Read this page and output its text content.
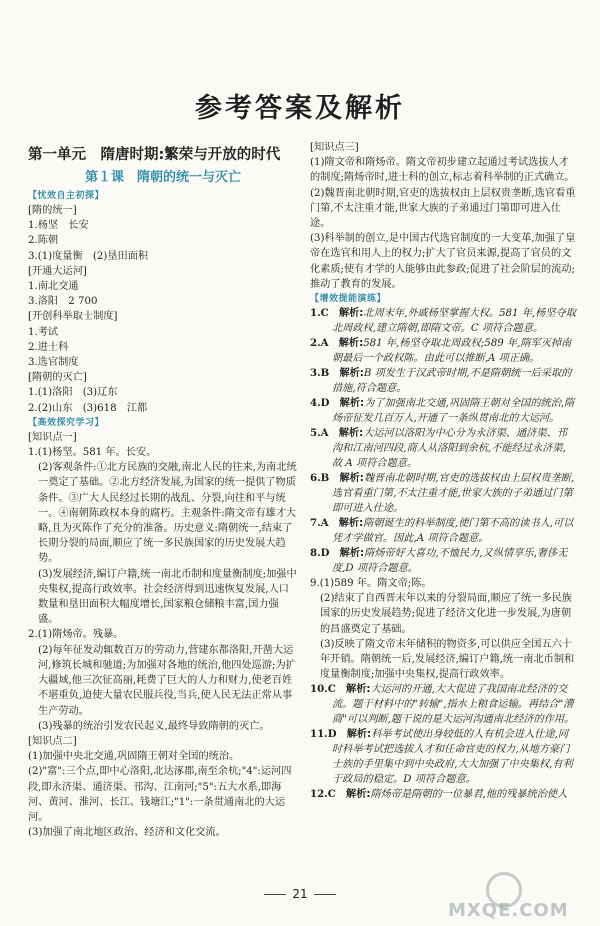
参考答案及解析
第一单元　隋唐时期:繁荣与开放的时代
第１课　隋朝的统一与灭亡
【忧效自主初探】
[隋的统一]
1.杨坚　长安
2.陈朝
3.(1)度量衡　(2)垦田面积
[开通大运河]
1.南北交通
3.洛阳　2 700
[开创科举取士制度]
1.考试
2.进士科
3.选官制度
[隋朝的灭亡]
1.(1)洛阳　(3)辽东
2.(2)山东　(3)618　江都
【高效探究学习】
[知识点一]
1.(1)杨坚。581 年。长安。
(2)客观条件:①北方民族的交融,南北人民的往来,为南北统一奠定了基础。②北方经济发展,为国家的统一提供了物质条件。③广大人民经过长期的战乱、分裂,向往和平与统一。④南朝陈政权本身的腐朽。主观条件:隋文帝有雄才大略,且为灭陈作了充分的准备。历史意义:隋朝统一,结束了长期分裂的局面,顺应了统一多民族国家的历史发展大趋势。
(3)发展经济,编订户籍,统一南北币制和度量衡制度;加强中央集权,提高行政效率。社会经济得到迅速恢复发展,人口数量和垦田面积大幅度增长,国家粮仓储粮丰富,国力强盛。
2.(1)隋炀帝。残暴。
(2)每年征发动辄数百万的劳动力,营建东都洛阳,开凿大运河,修筑长城和驰道;为加强对各地的统治,他四处巡游;为扩大疆域,他三次征高丽,耗费了巨大的人力和财力,使老百姓不堪重负,迫使大量农民服兵役,当兵,使人民无法正常从事生产劳动。
(3)残暴的统治引发农民起义,最终导致隋朝的灭亡。
[知识点二]
(1)加强中央北交通,巩固隋王朝对全国的统治。
(2)"富":三个点,即中心洛阳,北达涿郡,南至余杭;"4":运河四段,即永济渠、通济渠、邗沟、江南河;"5":五大水系,即海河、黄河、淮河、长江、钱塘江;"1":一条贯通南北的大运河。
(3)加强了南北地区政治、经济和文化交流。
[知识点三]
(1)隋文帝和隋炀帝。隋文帝初步建立起通过考试选拔人才的制度;隋炀帝时,进士科的创立,标志着科举制的正式确立。
(2)魏晋南北朝时期,官吏的选拔权由上层权贵垄断,选官看重门第,不太注重才能,世家大族的子弟通过门第即可进入仕途。
(3)科举制的创立,是中国古代选官制度的一大变革,加强了皇帝在选官和用人上的权力;扩大了官员来源,提高了官员的文化素质;使有才学的人能够由此参政;促进了社会阶层的流动;推动了教育的发展。
【增效提能演练】

1.C　 解析:北周末年,外戚杨坚掌握大权。581 年,杨坚夺取北周政权,建立隋朝,即隋文帝。C 项符合题意。

2.A　 解析:581 年,杨坚夺取北周政权;589 年,隋军灭掉南朝最后一个政权陈。由此可以推断,A 项正确。

3.B　 解析:B 项发生于汉武帝时期,不是隋朝统一后采取的措施,符合题意。

4.D　 解析:为了加强南北交通,巩固隋王朝对全国的统治,隋炀帝征发几百万人,开通了一条纵贯南北的大运河。

5.A　 解析:大运河以洛阳为中心分为永济渠、通济渠、邗沟和江南河四段,商人从洛阳到余杭,不能经过永济渠,故 A 项符合题意。

6.B　 解析:魏晋南北朝时期,官吏的选拔权由上层权贵垄断,选官看重门第,不太注重才能,世家大族的子弟通过门第即可进入仕途。

7.A　 解析:隋朝诞生的科举制度,使门第不高的读书人,可以凭才学做官。因此,A 项符合题意。

8.D　 解析:隋炀帝好大喜功,不恤民力,又纵情享乐,奢侈无度,D 项符合题意。

9.(1)589 年。隋文帝;陈。
(2)结束了自西晋末年以来的分裂局面,顺应了统一多民族国家的历史发展趋势;促进了经济文化进一步发展,为唐朝的昌盛奠定了基础。
(3)反映了隋文帝末年储积的物资多,可以供应全国五六十年开销。隋朝统一后,发展经济,编订户籍,统一南北币制和度量衡制度;加强中央集权,提高行政效率。

10.C　 解析:大运河的开通,大大促进了我国南北经济的交流。题干材料中的"转输",指水上粮食运输。再结合"漕商"可以判断,题干说的是大运河沟通南北经济的作用。

11.D　 解析:科举考试使出身较低的人有机会进入仕途,同时科举考试把选拔人才和任命官吏的权力,从地方豪门士族的手里集中到中央政府,大大加强了中央集权,有利于政局的稳定。D 项符合题意。

12.C　 解析:隋炀帝是隋朝的一位暴君,他的残暴统治使人

21
MXQE.COM
